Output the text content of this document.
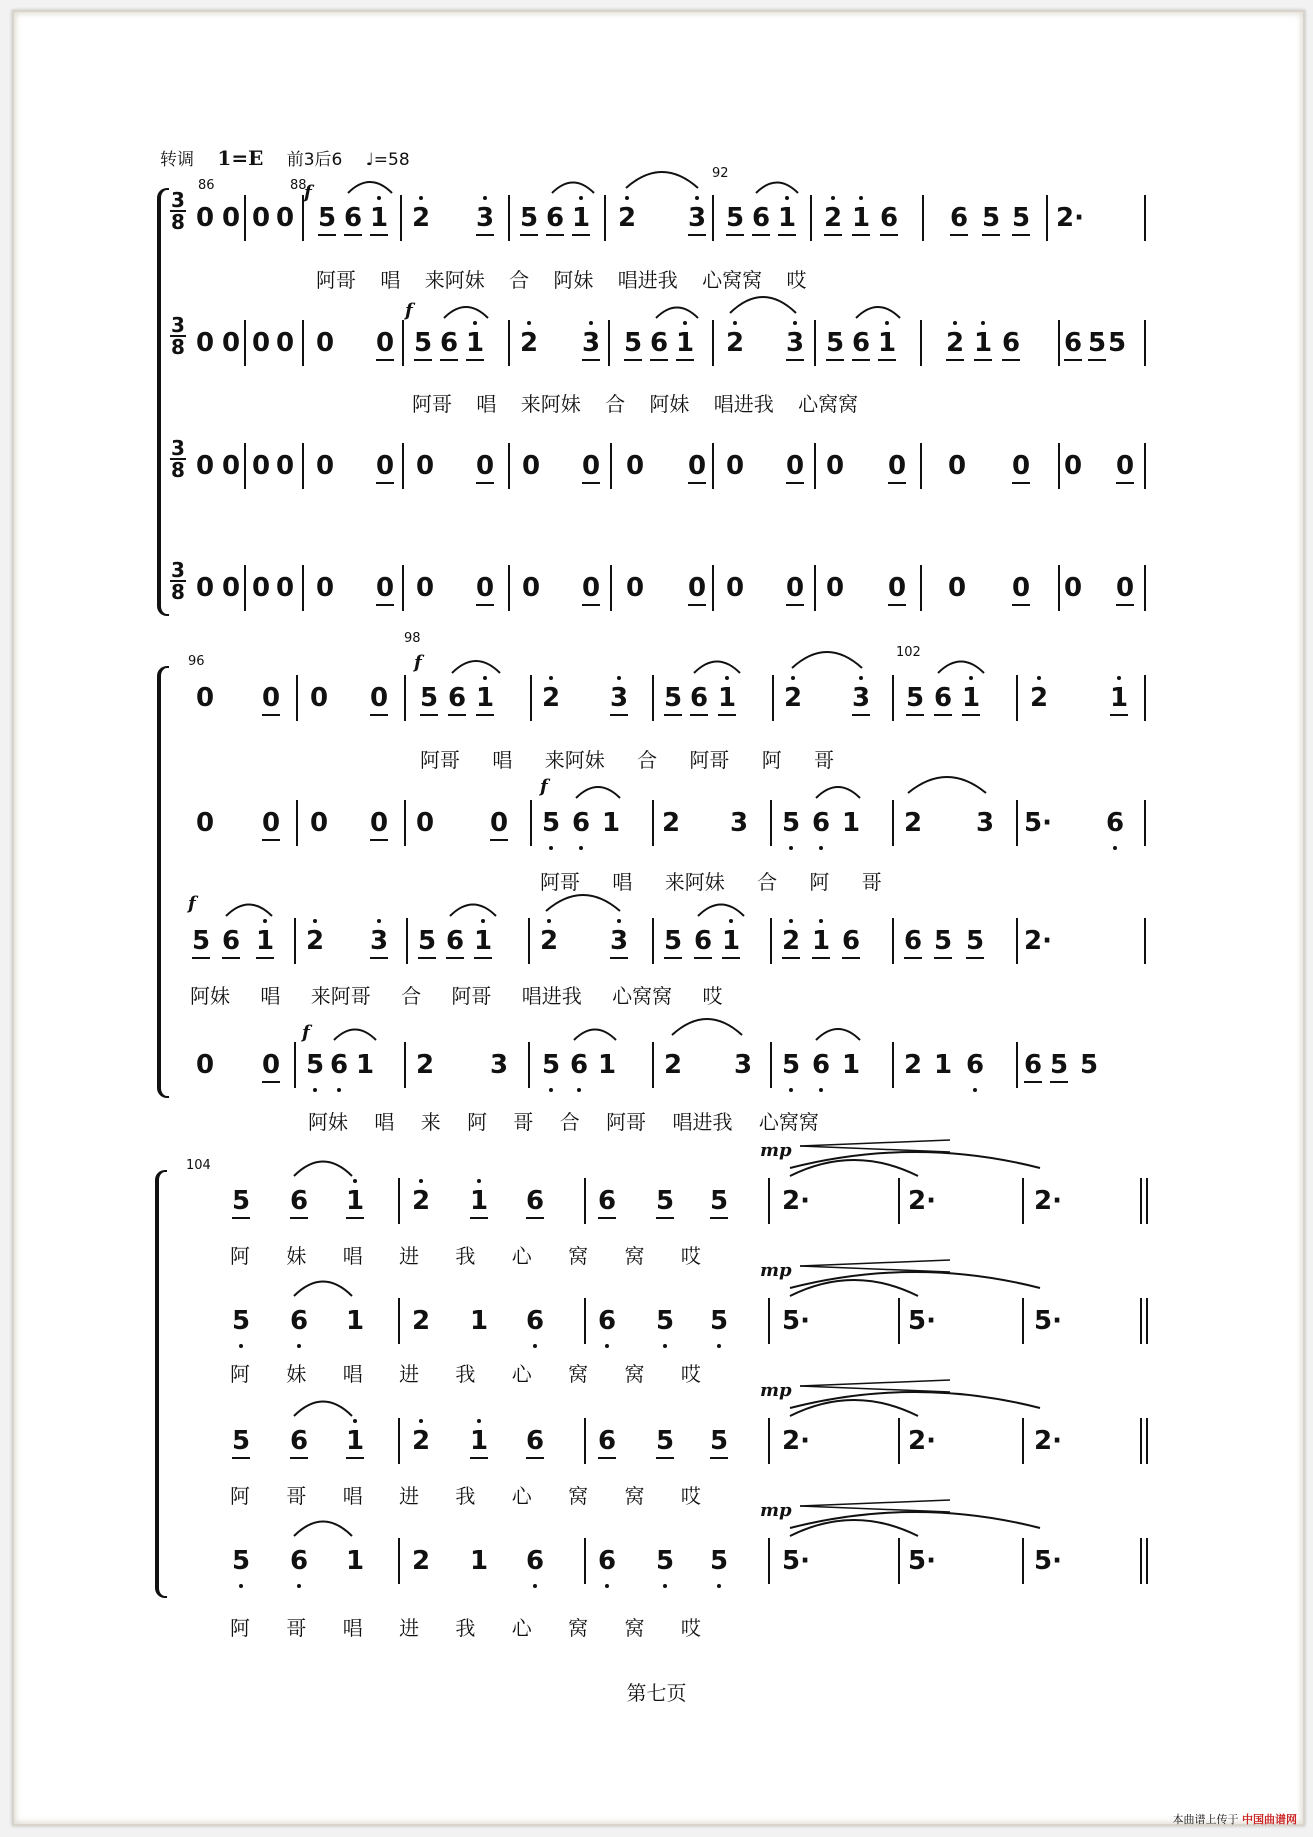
转调 1=E 前3后6 ♩=58
86	88
92
96
98
102
104
3
8
3
8
3
8
3
8
f
f
f
f
f
f
mp
mp
mp
mp
阿哥 唱 来阿妹 合 阿妹 唱进我 心窝窝 哎
阿哥 唱 来阿妹 合 阿妹 唱进我 心窝窝
阿哥 唱 来阿妹 合 阿哥 阿 哥
阿哥 唱 来阿妹 合 阿 哥
阿妹 唱 来阿哥 合 阿哥 唱进我 心窝窝 哎
阿妹 唱 来 阿 哥 合 阿哥 唱进我 心窝窝
阿 妹 唱 进 我 心 窝 窝 哎
阿 妹 唱 进 我 心 窝 窝 哎
阿 哥 唱 进 我 心 窝 窝 哎
阿 哥 唱 进 我 心 窝 窝 哎
0 0 0 0
0 0 0 0
0 0 0 0
0 0 0 0
5 6 1 2 3 5 6 1 2 3 5 6 1 2 1 6 6 5 5 2·
0 0 5 6 1 2 3 5 6 1 2 3 5 6 1 2 1 6 6 5 5
0 0 0 0 0 0 0 0 0 0 0 0 0 0 0 0
0 0 0 0 0 0 0 0 0 0 0 0 0 0 0 0
0 0 0 0 5 6 1 2 3 5 6 1 2 3 5 6 1 2 1
0 0 0 0 0 0 5 6 1 2 3 5 6 1 2 3 5· 6
5 6 1 2 3 5 6 1 2 3 5 6 1 2 1 6 6 5 5 2·
0 0 5 6 1 2 3 5 6 1 2 3 5 6 1 2 1 6 6 5 5
5 6 1 2 1 6 6 5 5 2·	2·	2·
5 6 1 2 1 6 6 5 5 5·	5·	5·
5 6 1 2 1 6 6 5 5 2·	2·	2·
5 6 1 2 1 6 6 5 5 5·	5·	5·
第七页
本曲谱上传于 中国曲谱网
